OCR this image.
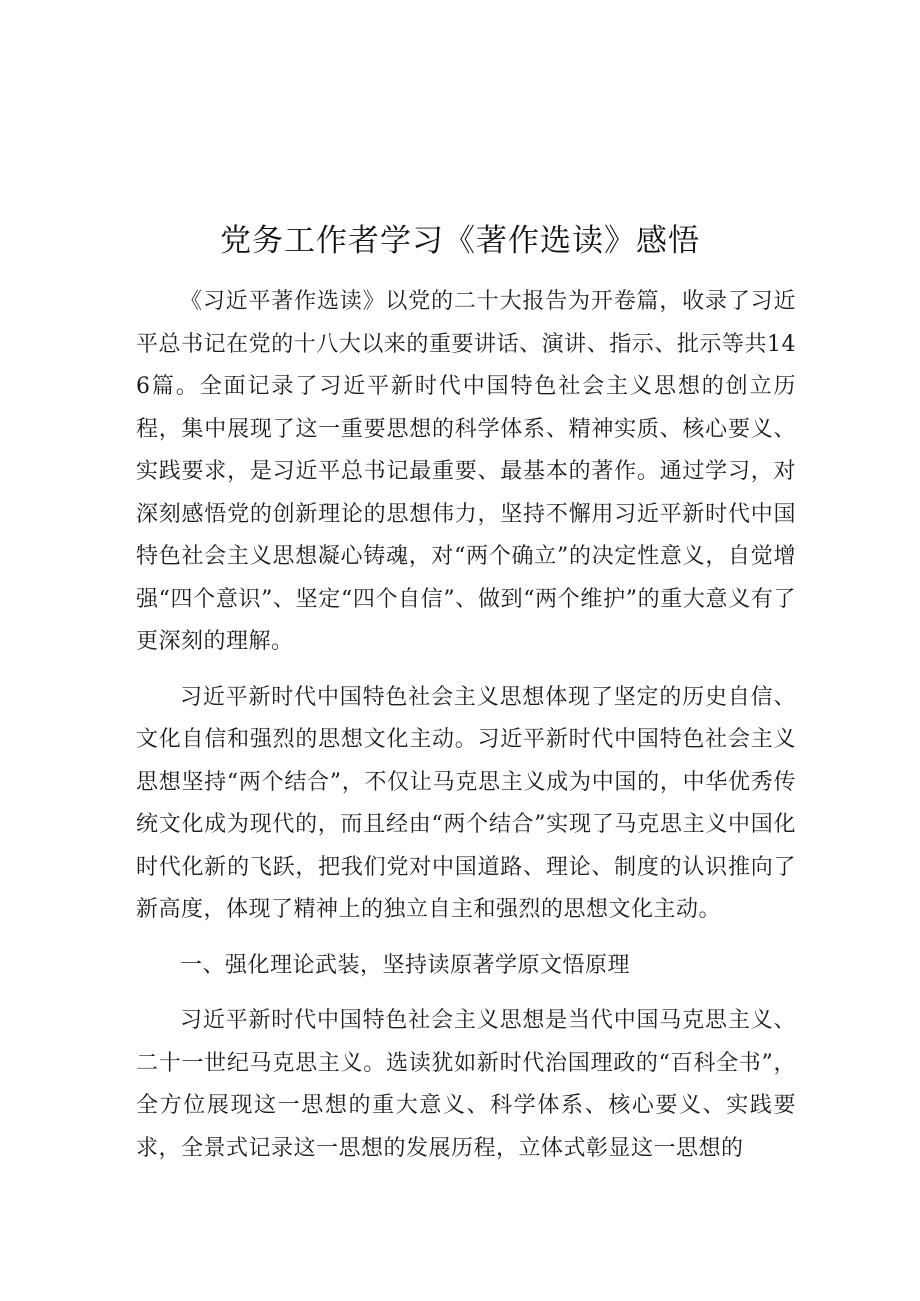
党务工作者学习《著作选读》感悟

《习近平著作选读》以党的二十大报告为开卷篇，收录了习近平总书记在党的十八大以来的重要讲话、演讲、指示、批示等共146篇。全面记录了习近平新时代中国特色社会主义思想的创立历程，集中展现了这一重要思想的科学体系、精神实质、核心要义、实践要求，是习近平总书记最重要、最基本的著作。通过学习，对深刻感悟党的创新理论的思想伟力，坚持不懈用习近平新时代中国特色社会主义思想凝心铸魂，对“两个确立”的决定性意义，自觉增强“四个意识”、坚定“四个自信”、做到“两个维护”的重大意义有了更深刻的理解。

习近平新时代中国特色社会主义思想体现了坚定的历史自信、文化自信和强烈的思想文化主动。习近平新时代中国特色社会主义思想坚持“两个结合”，不仅让马克思主义成为中国的，中华优秀传统文化成为现代的，而且经由“两个结合”实现了马克思主义中国化时代化新的飞跃，把我们党对中国道路、理论、制度的认识推向了新高度，体现了精神上的独立自主和强烈的思想文化主动。

一、强化理论武装，坚持读原著学原文悟原理

习近平新时代中国特色社会主义思想是当代中国马克思主义、二十一世纪马克思主义。选读犹如新时代治国理政的“百科全书”，全方位展现这一思想的重大意义、科学体系、核心要义、实践要求，全景式记录这一思想的发展历程，立体式彰显这一思想的
